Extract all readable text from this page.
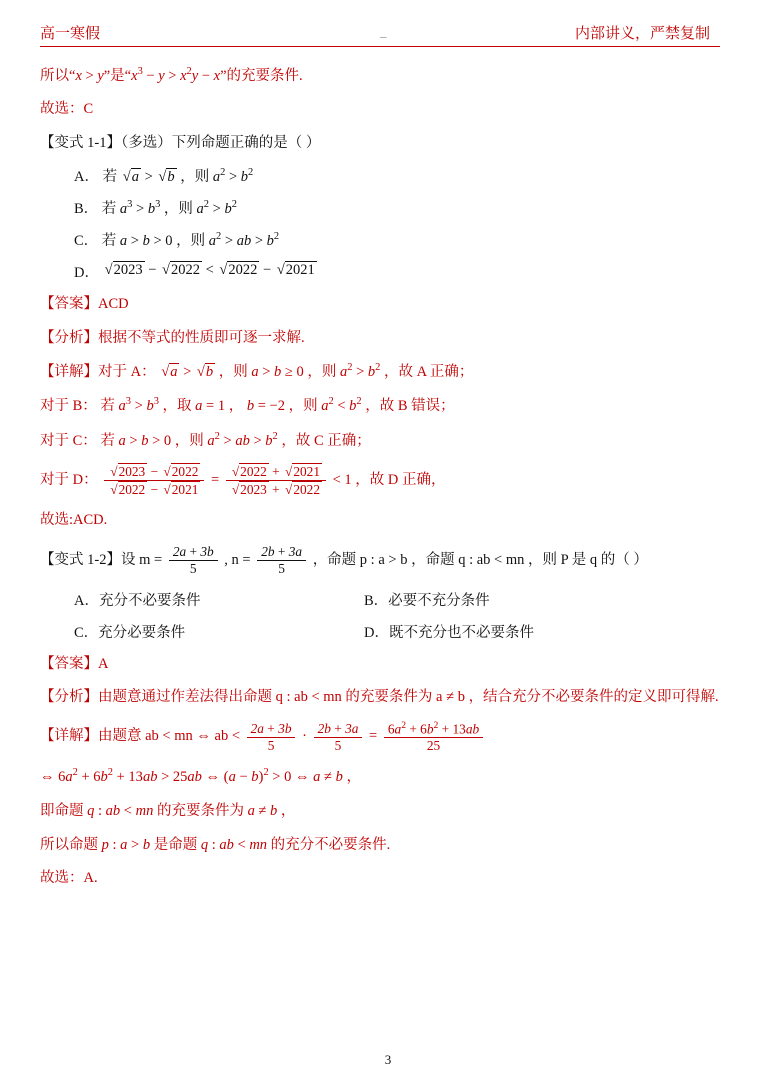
高一寒假	_	内部讲义，严禁复制

所以“x > y”是“$x^3 - y > x^2y - x$”的充要条件.

故选：C

【变式 1-1】（多选）下列命题正确的是（ ）

A． 若 √a > √b ，则 $a^2 > b^2$
B． 若 $a^3 > b^3$ ，则 $a^2 > b^2$
C． 若 a > b > 0 ，则 $a^2$ > ab > $b^2$
D． √2023 − √2022 < √2022 − √2021

【答案】ACD

【分析】根据不等式的性质即可逐一求解.

【详解】对于 A： √a > √b ，则 a > b ≥ 0 ，则 $a^2 > b^2$ ，故 A 正确；

对于 B： 若 $a^3 > b^3$ ，取 a = 1 ， b = −2 ，则 $a^2 < b^2$ ，故 B 错误；

对于 C： 若 a > b > 0 ，则 $a^2$ > ab > $b^2$ ，故 C 正确；

对于 D： $\frac{√2023 - √2022}{√2022 - √2021} = \frac{√2022 + √2021}{√2023 + √2022} < 1$ ，故 D 正确，

故选:ACD.

【变式 1-2】设 $m = \frac{2a + 3b}{5}$ , $n = \frac{2b + 3a}{5}$ ，命题 p : a > b ，命题 q : ab < mn ，则 P 是 q 的（ ）

A．充分不必要条件	B．必要不充分条件
C．充分必要条件	D．既不充分也不必要条件

【答案】A

【分析】由题意通过作差法得出命题 q : ab < mn 的充要条件为 a ≠ b ，结合充分不必要条件的定义即可得解.

【详解】由题意 ab < mn ⇔ ab < $\frac{2a + 3b}{5} \cdot \frac{2b + 3a}{5} = \frac{6a^2 + 6b^2 + 13ab}{25}$

⇔ $6a^2 + 6b^2 + 13ab > 25ab$ ⇔ $(a - b)^2 > 0$ ⇔ a ≠ b ，

即命题 q : ab < mn 的充要条件为 a ≠ b ，

所以命题 p : a > b 是命题 q : ab < mn 的充分不必要条件.

故选：A.

3
